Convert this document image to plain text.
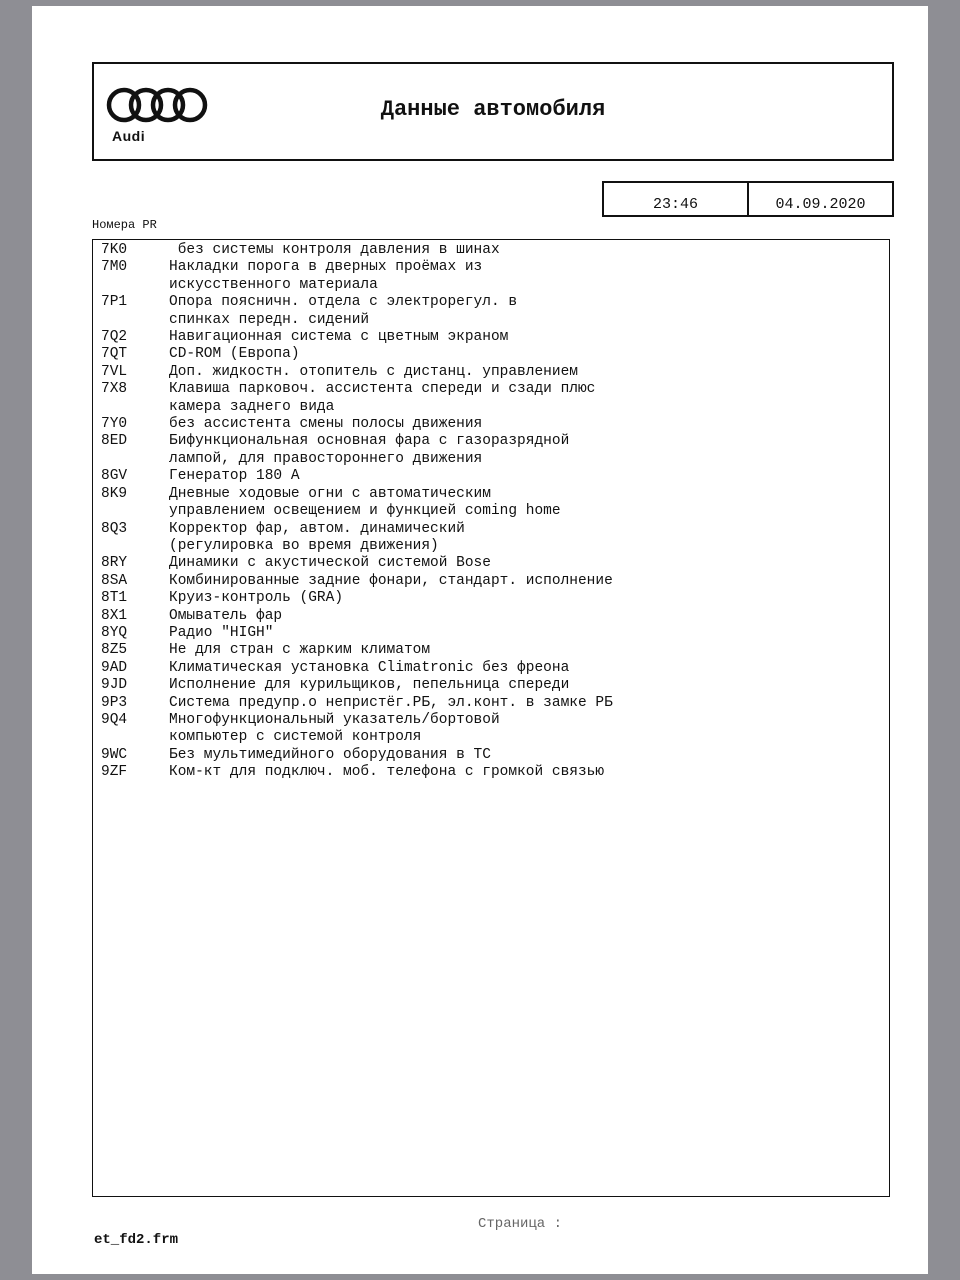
Audi
Данные автомобиля
23:46	04.09.2020
Номера PR
7K0	без системы контроля давления в шинах
7M0	Накладки порога в дверных проёмах из
искусственного материала
7P1	Опора поясничн. отдела с электрорегул. в
спинках передн. сидений
7Q2	Навигационная система с цветным экраном
7QT	CD-ROM (Европа)
7VL	Доп. жидкостн. отопитель с дистанц. управлением
7X8	Клавиша парковоч. ассистента спереди и сзади плюс
камера заднего вида
7Y0	без ассистента смены полосы движения
8ED	Бифункциональная основная фара с газоразрядной
лампой, для правостороннего движения
8GV	Генератор 180 А
8K9	Дневные ходовые огни с автоматическим
управлением освещением и функцией coming home
8Q3	Корректор фар, автом. динамический
(регулировка во время движения)
8RY	Динамики с акустической системой Bose
8SA	Комбинированные задние фонари, стандарт. исполнение
8T1	Круиз-контроль (GRA)
8X1	Омыватель фар
8YQ	Радио "HIGH"
8Z5	Не для стран с жарким климатом
9AD	Климатическая установка Climatronic без фреона
9JD	Исполнение для курильщиков, пепельница спереди
9P3	Система предупр.о непристёг.РБ, эл.конт. в замке РБ
9Q4	Многофункциональный указатель/бортовой
компьютер с системой контроля
9WC	Без мультимедийного оборудования в ТС
9ZF	Ком-кт для подключ. моб. телефона с громкой связью
Страница :
et_fd2.frm
